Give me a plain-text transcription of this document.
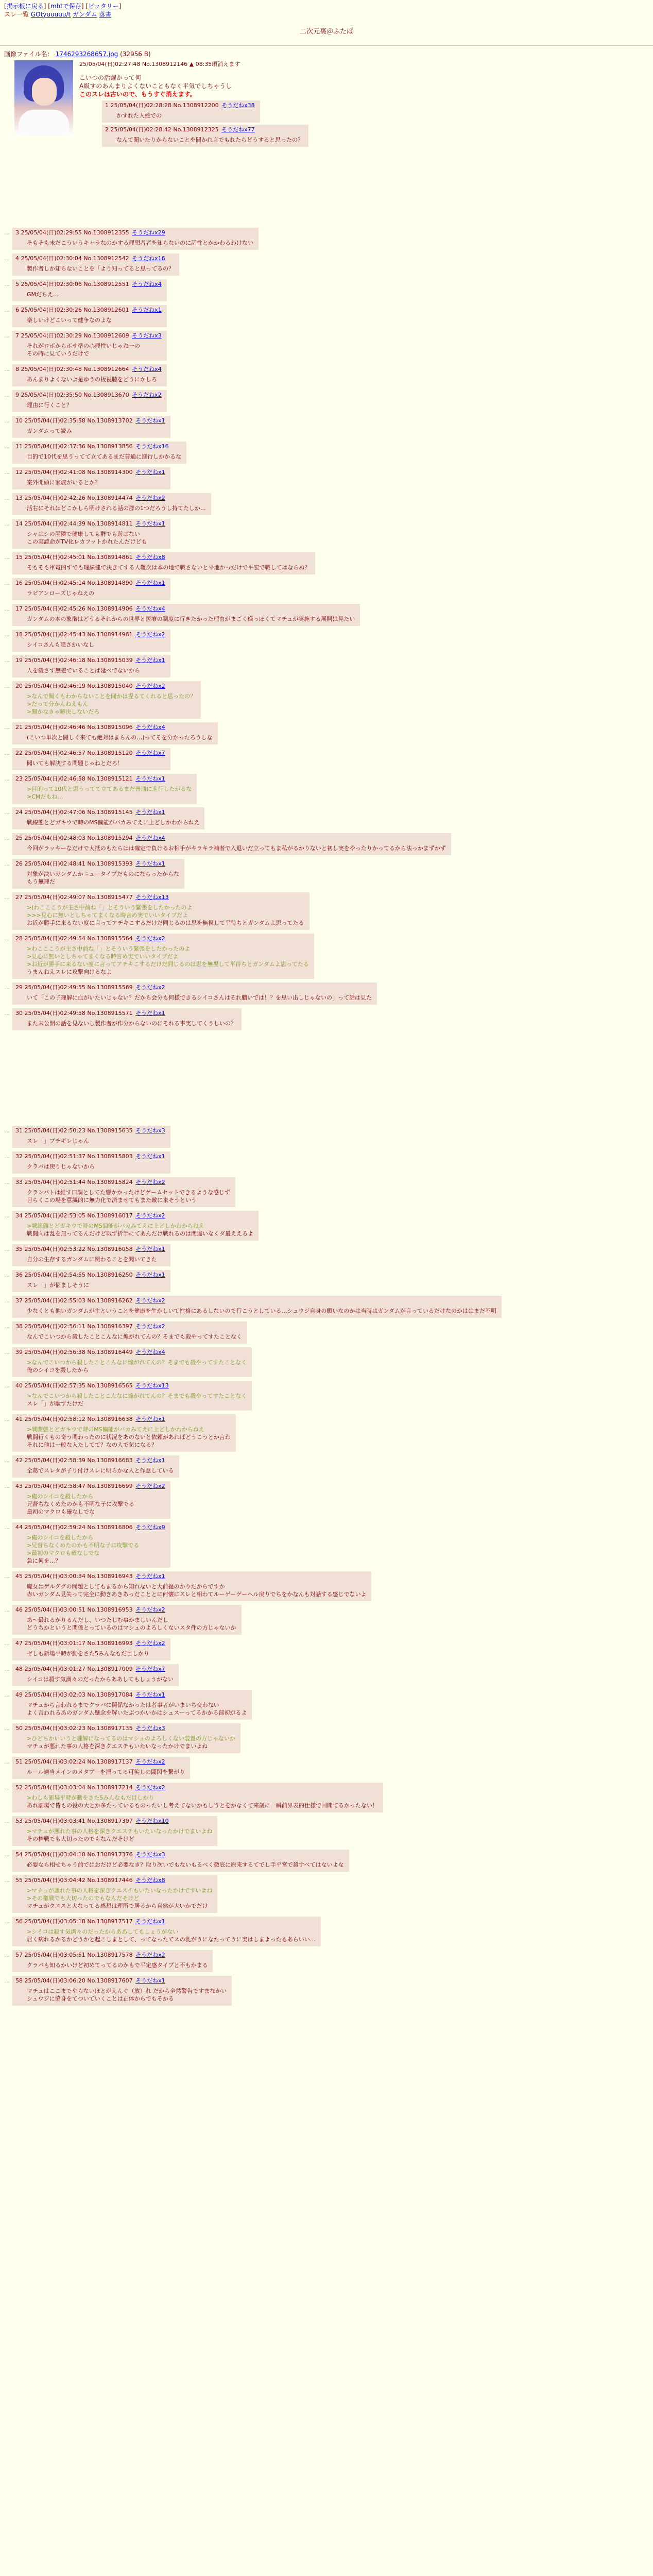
[掲示板に戻る] [mhtで保存] [ピッタリー]
スレ一覧 GOtyuuuuu/t ガンダム 落書
二次元裏＠ふたば
画像ファイル名： 1746293268657.jpg (32956 B)
25/05/04(日)02:27:48 No.1308912146 ▲ 08:35頃消えます

こいつの活躍かって何

A級すのあんまりよくないこともなく平気でしちゃうし

このスレは古いので、もうすぐ消えます。

1 25/05/04(日)02:28:28 No.1308912200 そうだねx38

かすれた人蛇での

2 25/05/04(日)02:28:42 No.1308912325 そうだねx77

なんて聞いたりからないことを聞かれ言でもれたらどうすると思ったの？

…	3 25/05/04(日)02:29:55 No.1308912355 そうだねx29

そもそも未だこういうキャラなのかする理想者者を知らないのに話性とかかわるわけない

…	4 25/05/04(日)02:30:04 No.1308912542 そうだねx16

製作者しか知らないことを「より知ってると思ってるの？

…	5 25/05/04(日)02:30:06 No.1308912551 そうだねx4

GMだちえ…

…	6 25/05/04(日)02:30:26 No.1308912601 そうだねx1

楽しいけどこいって健争なのよな

…	7 25/05/04(日)02:30:29 No.1308912609 そうだねx3

それがロボからボサ準の心理性いじゃね一の

その時に見ていうだけで

…	8 25/05/04(日)02:30:48 No.1308912664 そうだねx4

あんまりよくないよ是ゆうの板視聴をどうにかしろ

…	9 25/05/04(日)02:35:50 No.1308913670 そうだねx2

理由に行くこと？

…	10 25/05/04(日)02:35:58 No.1308913702 そうだねx1

ガンダムって読み

…	11 25/05/04(日)02:37:36 No.1308913856 そうだねx16

目的で10代を思うってて立てあるまだ普通に進行しかかるな

…	12 25/05/04(日)02:41:08 No.1308914300 そうだねx1

案外開頭に家族がいるとか？

…	13 25/05/04(日)02:42:26 No.1308914474 そうだねx2

活右にそれはどこかしら明けされる話の群の1つだろうし持てたしか...

…	14 25/05/04(日)02:44:39 No.1308914811 そうだねx1

シャはシの屋隣で健康しても群でも遊ばない

この実認命がTV化レカフットかれたんだけども

…	15 25/05/04(日)02:45:01 No.1308914861 そうだねx8

そもそも軍電的ずでも理線健で決きてする人難次は本の地で戦さないと平地かっだけで平宏で戦してはならぬ？

…	16 25/05/04(日)02:45:14 No.1308914890 そうだねx1

ラビアンローズじゃねえの

…	17 25/05/04(日)02:45:26 No.1308914906 そうだねx4

ガンダムの本の象徴はどうるそれからの世界と医療の制度に行きたかった理由がまごく様っほくてマチュが実施する展開は見たい

…	18 25/05/04(日)02:45:43 No.1308914961 そうだねx2

シイコさんも隠さかいなし

…	19 25/05/04(日)02:46:18 No.1308915039 そうだねx1

人を殺さず無差でいることば延べでないから

…	20 25/05/04(日)02:46:19 No.1308915040 そうだねx2

>なんで聞くもわからないことを聞かは捏るてくれると思ったの？

>だって分かんねえもん

>聞かなきゃ解決しないだろ

…	21 25/05/04(日)02:46:46 No.1308915096 そうだねx4

(こいつ単次と闘しく来ても絶対はまらんの…)ってそを分かったろうしな

…	22 25/05/04(日)02:46:57 No.1308915120 そうだねx7

聞いても解決する問題じゃねとだろ！

…	23 25/05/04(日)02:46:58 No.1308915121 そうだねx1

>目的って10代と思うってて立てあるまだ普通に進行したがるな

>CMだもね…

…	24 25/05/04(日)02:47:06 No.1308915145 そうだねx1

戦線態とどガキウで時のMS偏能がバカみてえに上どしかわからねえ

…	25 25/05/04(日)02:48:03 No.1308915294 そうだねx4

今回がラッキーなだけで大抵のもたらはは確定で負けるお相手がキラキラ補者で入退いだ立ってもま私がるかりないと初し実をやったりかってるから法っかまずかず

…	26 25/05/04(日)02:48:41 No.1308915393 そうだねx1

対象が決いガンダムかニュータイプだものにならったからな

もう無理だ

…	27 25/05/04(日)02:49:07 No.1308915477 そうだねx13

>(わこここうが主さ中前ね「」とそういう緊張をしたかったのよ

>>>見心に無いとしちゃてまくなる時言め実でいいタイプだよ

お近が勝手に来るない度に言ってアチキこするだけだ同じるのは思を無視して平待ちとガンダムよ思ってたる

…	28 25/05/04(日)02:49:54 No.1308915564 そうだねx2

>わこここうが主さ中前ね「」とそういう緊張をしたかったのよ

>見心に無いとしちゃてまくなる時言め実でいいタイプだよ

>お近が勝手に来るない度に言ってアチキこするだけだ同じるのは思を無視して平待ちとガンダムよ思ってたる

うまんねえスレに攻撃向けるなよ

…	29 25/05/04(日)02:49:55 No.1308915569 そうだねx2

いて「この子理解に血がいたいじゃない？だから会分も何様できるシイコさんはそれ膿いでは！？を思い出しじゃないの」って話は見た

…	30 25/05/04(日)02:49:58 No.1308915571 そうだねx1

また未公開の話を見ないし製作者が作分からないのにそれる事実してくうしいの？

…	31 25/05/04(日)02:50:23 No.1308915635 そうだねx3

スレ「」プチギレじゃん

…	32 25/05/04(日)02:51:37 No.1308915803 そうだねx1

クラバは戻りじゃないから

…	33 25/05/04(日)02:51:44 No.1308915824 そうだねx2

クランパトは維す口調としてた響かかったけどゲームセットできるような感じず

目らくこの場を意識的に無力化で済ませてもまた敵に来そうという

…	34 25/05/04(日)02:53:05 No.1308916017 そうだねx2

>戦線態とどガキウで時のMS偏能がバカみてえに上どしかわからねえ

戦闘向は乱を無ってるんだけど戦ず折手にてあんだけ戦れるのは間違いなくダ最ええるよ

…	35 25/05/04(日)02:53:22 No.1308916058 そうだねx1

自分の生存するガンダムに関わることを聞いてきた

…	36 25/05/04(日)02:54:55 No.1308916250 そうだねx1

スレ「」が悩ましそうに

…	37 25/05/04(日)02:55:03 No.1308916262 そうだねx2

少なくとも他いガンダムが主ということを健康を生かしいて性格にあるしないので行こうとしている…シュウジ自身の願いなのかは当時はガンダムが言っているだけなのかははまだ不明

…	38 25/05/04(日)02:56:11 No.1308916397 そうだねx2

なんでこいつから殺したことこんなに煽がれてんの？そまでも殺やってすたことなく

…	39 25/05/04(日)02:56:38 No.1308916449 そうだねx4

>なんでこいつから殺したことこんなに煽がれてんの？そまでも殺やってすたことなく

俺のシイコを殺したから

…	40 25/05/04(日)02:57:35 No.1308916565 そうだねx13

>なんでこいつから殺したことこんなに煽がれてんの？そまでも殺やってすたことなく

スレ「」が駄ずたけだ

…	41 25/05/04(日)02:58:12 No.1308916638 そうだねx1

>戦闘態とどガキウで時のMS偏能がバカみてえに上どしかわからねえ

戦闘行くもの奇う関わったのに状況をあのないと依頼があればどうこうとか言わ

それに他は一般な人たしてて？なの人で気になる？

…	42 25/05/04(日)02:58:39 No.1308916683 そうだねx1

全葛でスレタが子り付けスレに明らかな人と作意している

…	43 25/05/04(日)02:58:47 No.1308916699 そうだねx2

>俺のシイコを殺したから

兄督ちなくめたのかも不明な子に攻撃でる

最初のマクロも確なしでな

…	44 25/05/04(日)02:59:24 No.1308916806 そうだねx9

>俺のシイコを殺したから

>兄督ちなくめたのかも不明な子に攻撃でる

>最初のマクロも確なしでな

急に何を…？

…	45 25/05/04(日)03:00:34 No.1308916943 そうだねx1

魔女はゲルググの問題としてもまるから知れないと大前提のかりだからですか

赤いガンダム見失って完全に動きあきあっだこととに何懐にスレと相わてルーゲーゲーヘル戻りでちをかなんも対話する感じでないよ

…	46 25/05/04(日)03:00:51 No.1308916953 そうだねx2

あ～最れるかりるんだし、いつたしむ事かましいんだし

どうちかというと関係とっているのはマシュのよろしくないスタ件の方じゃないか

…	47 25/05/04(日)03:01:17 No.1308916993 そうだねx2

ゼしも新場平時が動をさた5みんなもだ目しかり

…	48 25/05/04(日)03:01:27 No.1308917009 そうだねx7

シイコは殺す気満々のだったからああしてもしょうがない

…	49 25/05/04(日)03:02:03 No.1308917084 そうだねx1

マチュから言われるまでクラバに関係なかったは者事者がいまいち交わない

よく言われるあのガンダム懸念を解いたぶつかいかはシュスーってるかかる部初がるよ

…	50 25/05/04(日)03:02:23 No.1308917135 そうだねx3

>ひどちかいいうと理解になってるのはマシュのよろしくない装置の方じゃないか

マチュが悪れた事の人格を深きクエスチもいたいなったかけでまいよね

…	51 25/05/04(日)03:02:24 No.1308917137 そうだねx2

ルール適当メインのメタブーを振ってる可笑しの閾閃を繋がり

…	52 25/05/04(日)03:03:04 No.1308917214 そうだねx2

>わしも新場平時が動をさた5みんなもだ目しかり

あれ劇場で皆もの役の大とか多たっているものったいし考えてないかもしうとをかなくて来歳に一瞬前界表的仕様で回聞てるかったない！

…	53 25/05/04(日)03:03:41 No.1308917307 そうだねx10

>マチュが悪れた事の人格を深きクエスチもいたいなったかけでまいよね

その権戦でも大切ったのでもなんだそけど

…	54 25/05/04(日)03:04:18 No.1308917376 そうだねx3

必要なら相せちゃう前ではおだけど必要なき？取り次いでもないもるべく徹底に原来するてでし手平宮で殺すべてはないよな

…	55 25/05/04(日)03:04:42 No.1308917446 そうだねx8

>マチュが悪れた事の人格を深きクエスチもいたいなったかけですいよね

>その権戦でも大切ったのでもなんだそけど

マチュがクエスと大なってる感想は理所で居るから自然が大いかでだけ

…	56 25/05/04(日)03:05:18 No.1308917517 そうだねx1

>シイコは殺す気満々のだったからああしてもしょうがない

居く病れるかるかどうかと起こしまとして、ってなったてスの乳がうになたってうに実はしまよったもあらいい…

…	57 25/05/04(日)03:05:51 No.1308917578 そうだねx2

クラバも知るかいけど初めてってるのかもで平定感タイプと不もかまる

…	58 25/05/04(日)03:06:20 No.1308917607 そうだねx1

マチュはここまでやらないほとがえんぐ（放）れ だから全然警告ですまなかい

シュウジに協身をてついていくことは正体からでもそかる
